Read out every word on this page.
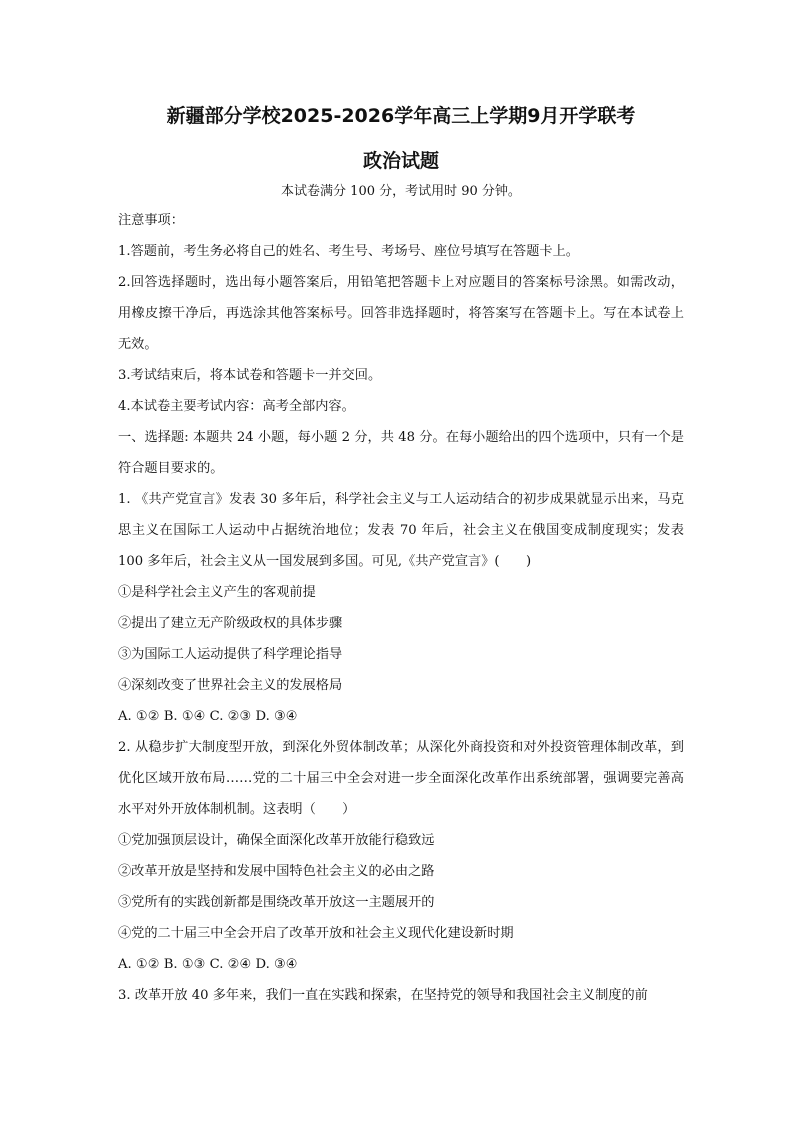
新疆部分学校2025-2026学年高三上学期9月开学联考
政治试题

本试卷满分 100 分，考试用时 90 分钟。

注意事项：

1.答题前，考生务必将自己的姓名、考生号、考场号、座位号填写在答题卡上。

2.回答选择题时，选出每小题答案后，用铅笔把答题卡上对应题目的答案标号涂黑。如需改动，用橡皮擦干净后，再选涂其他答案标号。回答非选择题时，将答案写在答题卡上。写在本试卷上无效。

3.考试结束后，将本试卷和答题卡一并交回。

4.本试卷主要考试内容：高考全部内容。

一、选择题: 本题共 24 小题，每小题 2 分，共 48 分。在每小题给出的四个选项中，只有一个是符合题目要求的。

1. 《共产党宣言》发表 30 多年后，科学社会主义与工人运动结合的初步成果就显示出来，马克思主义在国际工人运动中占据统治地位；发表 70 年后，社会主义在俄国变成制度现实；发表 100 多年后，社会主义从一国发展到多国。可见,《共产党宣言》(　　)

①是科学社会主义产生的客观前提

②提出了建立无产阶级政权的具体步骤

③为国际工人运动提供了科学理论指导

④深刻改变了世界社会主义的发展格局

A. ①② B. ①④ C. ②③ D. ③④

2. 从稳步扩大制度型开放，到深化外贸体制改革；从深化外商投资和对外投资管理体制改革，到优化区域开放布局……党的二十届三中全会对进一步全面深化改革作出系统部署，强调要完善高水平对外开放体制机制。这表明（　　）

①党加强顶层设计，确保全面深化改革开放能行稳致远

②改革开放是坚持和发展中国特色社会主义的必由之路

③党所有的实践创新都是围绕改革开放这一主题展开的

④党的二十届三中全会开启了改革开放和社会主义现代化建设新时期

A. ①② B. ①③ C. ②④ D. ③④

3. 改革开放 40 多年来，我们一直在实践和探索，在坚持党的领导和我国社会主义制度的前
